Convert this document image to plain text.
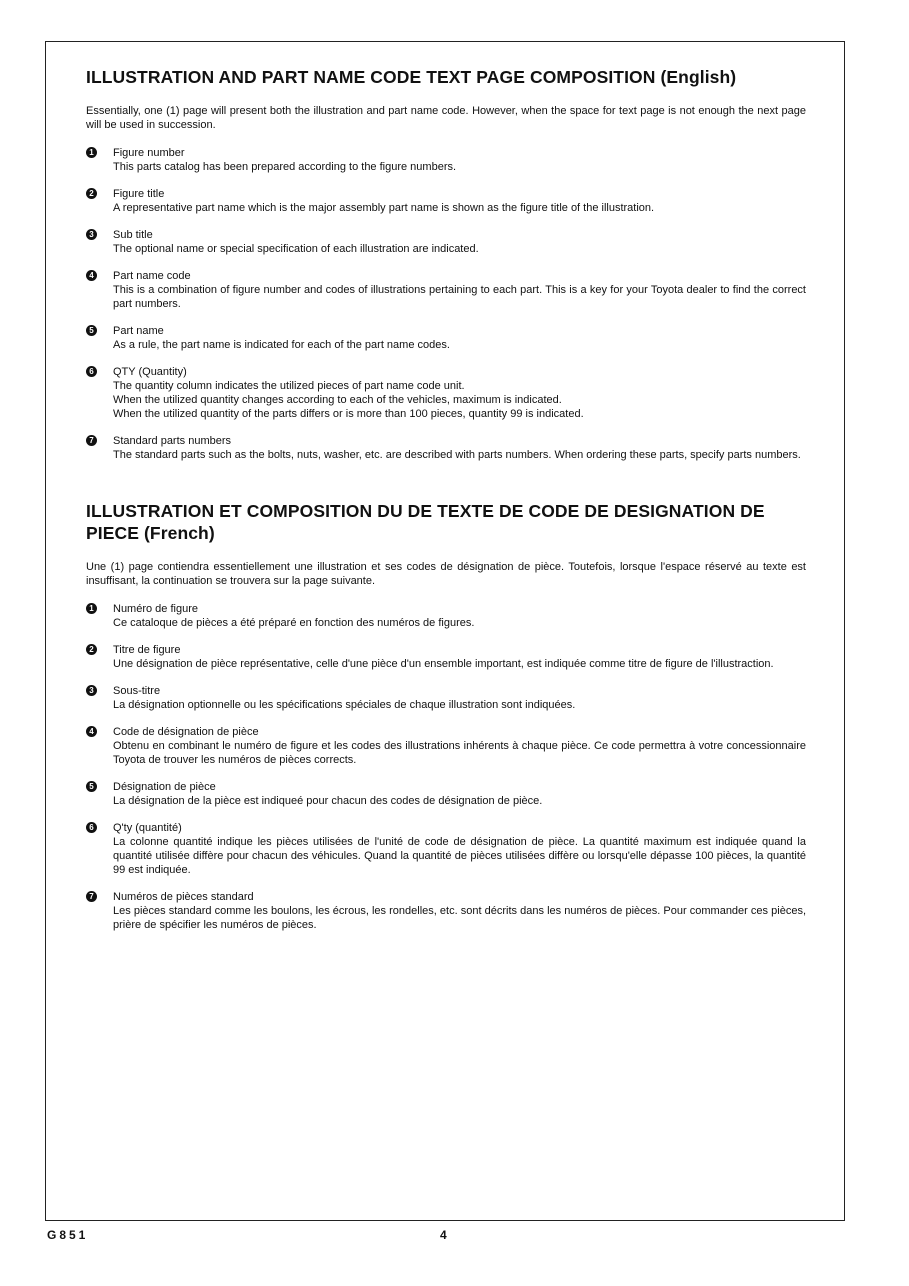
ILLUSTRATION AND PART NAME CODE TEXT PAGE COMPOSITION (English)

Essentially, one (1) page will present both the illustration and part name code. However, when the space for text page is not enough the next page will be used in succession.

1 Figure number
This parts catalog has been prepared according to the figure numbers.
2 Figure title
A representative part name which is the major assembly part name is shown as the figure title of the illustration.
3 Sub title
The optional name or special specification of each illustration are indicated.
4 Part name code
This is a combination of figure number and codes of illustrations pertaining to each part. This is a key for your Toyota dealer to find the correct part numbers.
5 Part name
As a rule, the part name is indicated for each of the part name codes.
6 QTY (Quantity)
The quantity column indicates the utilized pieces of part name code unit.
When the utilized quantity changes according to each of the vehicles, maximum is indicated.
When the utilized quantity of the parts differs or is more than 100 pieces, quantity 99 is indicated.
7 Standard parts numbers
The standard parts such as the bolts, nuts, washer, etc. are described with parts numbers. When ordering these parts, specify parts numbers.
ILLUSTRATION ET COMPOSITION DU DE TEXTE DE CODE DE DESIGNATION DE PIECE (French)

Une (1) page contiendra essentiellement une illustration et ses codes de désignation de pièce. Toutefois, lorsque l'espace réservé au texte est insuffisant, la continuation se trouvera sur la page suivante.

1 Numéro de figure
Ce cataloque de pièces a été préparé en fonction des numéros de figures.
2 Titre de figure
Une désignation de pièce représentative, celle d'une pièce d'un ensemble important, est indiquée comme titre de figure de l'illustraction.
3 Sous-titre
La désignation optionnelle ou les spécifications spéciales de chaque illustration sont indiquées.
4 Code de désignation de pièce
Obtenu en combinant le numéro de figure et les codes des illustrations inhérents à chaque pièce. Ce code permettra à votre concessionnaire Toyota de trouver les numéros de pièces corrects.
5 Désignation de pièce
La désignation de la pièce est indiqueé pour chacun des codes de désignation de pièce.
6 Q'ty (quantité)
La colonne quantité indique les pièces utilisées de l'unité de code de désignation de pièce. La quantité maximum est indiquée quand la quantité utilisée diffère pour chacun des véhicules. Quand la quantité de pièces utilisées diffère ou lorsqu'elle dépasse 100 pièces, la quantité 99 est indiquée.
7 Numéros de pièces standard
Les pièces standard comme les boulons, les écrous, les rondelles, etc. sont décrits dans les numéros de pièces. Pour commander ces pièces, prière de spécifier les numéros de pièces.
G851	4
